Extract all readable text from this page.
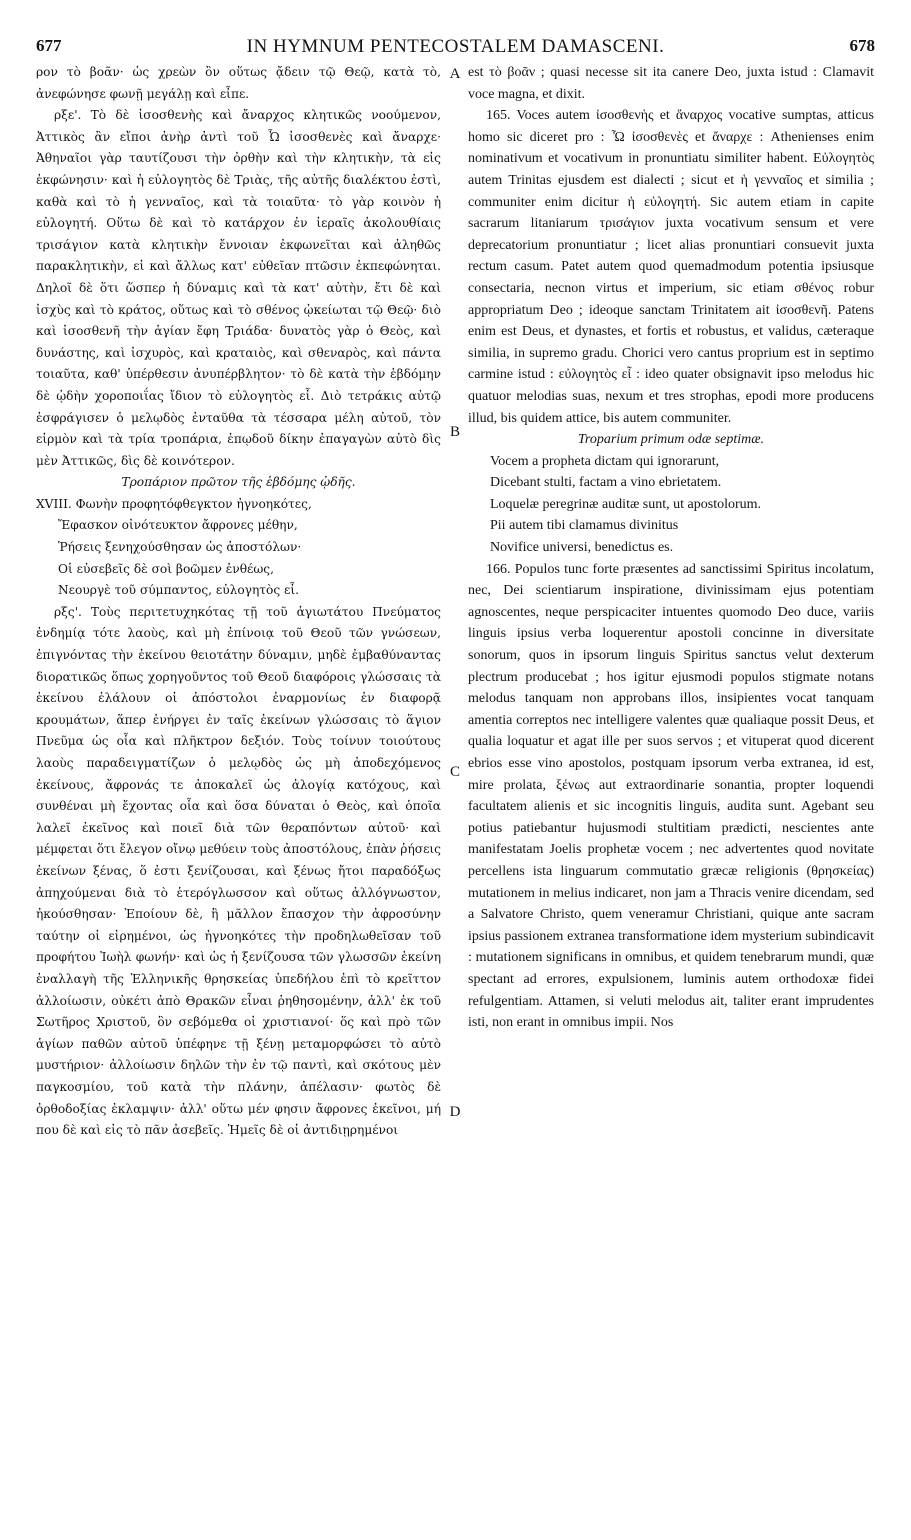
677	IN HYMNUM PENTECOSTALEM DAMASCENI.	678

ρον τὸ βοᾶν· ὡς χρεὼν ὂν οὕτως ᾄδειν τῷ Θεῷ, κατὰ τὸ, ἀνεφώνησε φωνῇ μεγάλῃ καὶ εἶπε.

ρξε'. Τὸ δὲ ἰσοσθενὴς καὶ ἄναρχος κλητικῶς νοούμενον, Ἀττικὸς ἂν εἴποι ἀνὴρ ἀντὶ τοῦ Ὦ ἰσοσθενὲς καὶ ἄναρχε· Ἀθηναῖοι γὰρ ταυτίζουσι τὴν ὀρθὴν καὶ τὴν κλητικὴν, τὰ εἰς ἐκφώνησιν· καὶ ἡ εὐλογητὸς δὲ Τριὰς, τῆς αὐτῆς διαλέκτου ἐστὶ, καθὰ καὶ τὸ ἡ γενναῖος, καὶ τὰ τοιαῦτα· τὸ γὰρ κοινὸν ἡ εὐλογητή. Οὕτω δὲ καὶ τὸ κατάρχον ἐν ἱεραῖς ἀκολουθίαις τρισάγιον κατὰ κλητικὴν ἔννοιαν ἐκφωνεῖται καὶ ἀληθῶς παρακλητικὴν, εἰ καὶ ἄλλως κατ' εὐθεῖαν πτῶσιν ἐκπεφώνηται. Δηλοῖ δὲ ὅτι ὥσπερ ἡ δύναμις καὶ τὰ κατ' αὐτὴν, ἔτι δὲ καὶ ἰσχὺς καὶ τὸ κράτος, οὕτως καὶ τὸ σθένος ᾠκείωται τῷ Θεῷ· διὸ καὶ ἰσοσθενῆ τὴν ἁγίαν ἔφη Τριάδα· δυνατὸς γὰρ ὁ Θεὸς, καὶ δυνάστης, καὶ ἰσχυρὸς, καὶ κραταιὸς, καὶ σθεναρὸς, καὶ πάντα τοιαῦτα, καθ' ὑπέρθεσιν ἀνυπέρβλητον· τὸ δὲ κατὰ τὴν ἑβδόμην δὲ ᾠδὴν χοροποιΐας ἴδιον τὸ εὐλογητὸς εἶ. Διὸ τετράκις αὐτῷ ἐσφράγισεν ὁ μελῳδὸς ἐνταῦθα τὰ τέσσαρα μέλη αὐτοῦ, τὸν εἱρμὸν καὶ τὰ τρία τροπάρια, ἐπῳδοῦ δίκην ἐπαγαγὼν αὐτὸ δὶς μὲν Ἀττικῶς, δὶς δὲ κοινότερον.

Τροπάριον πρῶτον τῆς ἑβδόμης ᾠδῆς.

XVIII. Φωνὴν προφητόφθεγκτον ἠγνοηκότες,

Ἔφασκον οἰνότευκτον ἄφρονες μέθην,

Ῥήσεις ξενηχούσθησαν ὡς ἀποστόλων·

Οἱ εὐσεβεῖς δὲ σοὶ βοῶμεν ἐνθέως,

Νεουργὲ τοῦ σύμπαντος, εὐλογητὸς εἶ.

ρξς'. Τοὺς περιτετυχηκότας τῇ τοῦ ἁγιωτάτου Πνεύματος ἐνδημίᾳ τότε λαοὺς, καὶ μὴ ἐπίνοιᾳ τοῦ Θεοῦ τῶν γνώσεων, ἐπιγνόντας τὴν ἐκείνου θειοτάτην δύναμιν, μηδὲ ἐμβαθύναντας διορατικῶς ὅπως χορηγοῦντος τοῦ Θεοῦ διαφόροις γλώσσαις τὰ ἐκείνου ἐλάλουν οἱ ἀπόστολοι ἐναρμονίως ἐν διαφορᾷ κρουμάτων, ἅπερ ἐνήργει ἐν ταῖς ἐκείνων γλώσσαις τὸ ἅγιον Πνεῦμα ὡς οἷα καὶ πλῆκτρον δεξιόν. Τοὺς τοίνυν τοιούτους λαοὺς παραδειγματίζων ὁ μελῳδὸς ὡς μὴ ἀποδεχόμενος ἐκείνους, ἄφρονάς τε ἀποκαλεῖ ὡς ἀλογίᾳ κατόχους, καὶ συνθέναι μὴ ἔχοντας οἷα καὶ ὅσα δύναται ὁ Θεὸς, καὶ ὁποῖα λαλεῖ ἐκεῖνος καὶ ποιεῖ διὰ τῶν θεραπόντων αὐτοῦ· καὶ μέμφεται ὅτι ἔλεγον οἴνῳ μεθύειν τοὺς ἀποστόλους, ἐπὰν ῥήσεις ἐκείνων ξένας, ὅ ἐστι ξενίζουσαι, καὶ ξένως ἤτοι παραδόξως ἀπηχούμεναι διὰ τὸ ἑτερόγλωσσον καὶ οὕτως ἀλλόγνωστον, ἠκούσθησαν· Ἐποίουν δὲ, ἢ μᾶλλον ἔπασχον τὴν ἀφροσύνην ταύτην οἱ εἰρημένοι, ὡς ἠγνοηκότες τὴν προδηλωθεῖσαν τοῦ προφήτου Ἰωὴλ φωνήν· καὶ ὡς ἡ ξενίζουσα τῶν γλωσσῶν ἐκείνη ἐναλλαγὴ τῆς Ἑλληνικῆς θρησκείας ὑπεδήλου ἐπὶ τὸ κρεῖττον ἀλλοίωσιν, οὐκέτι ἀπὸ Θρακῶν εἶναι ῥηθησομένην, ἀλλ' ἐκ τοῦ Σωτῆρος Χριστοῦ, ὃν σεβόμεθα οἱ χριστιανοί· ὅς καὶ πρὸ τῶν ἁγίων παθῶν αὐτοῦ ὑπέφηνε τῇ ξένῃ μεταμορφώσει τὸ αὐτὸ μυστήριον· ἀλλοίωσιν δηλῶν τὴν ἐν τῷ παντὶ, καὶ σκότους μὲν παγκοσμίου, τοῦ κατὰ τὴν πλάνην, ἀπέλασιν· φωτὸς δὲ ὀρθοδοξίας ἐκλαμψιν· ἀλλ' οὕτω μέν φησιν ἄφρονες ἐκεῖνοι, μή που δὲ καὶ εἰς τὸ πᾶν ἀσεβεῖς. Ἡμεῖς δὲ οἱ ἀντιδιῃρημένοι

A
B
C
D

est τὸ βοᾶν ; quasi necesse sit ita canere Deo, juxta istud : Clamavit voce magna, et dixit.

165. Voces autem ἰσοσθενὴς et ἄναρχος vocative sumptas, atticus homo sic diceret pro : Ὦ ἰσοσθενὲς et ἄναρχε : Athenienses enim nominativum et vocativum in pronuntiatu similiter habent. Εὐλογητὸς autem Trinitas ejusdem est dialecti ; sicut et ἡ γενναῖος et similia ; communiter enim dicitur ἡ εὐλογητή. Sic autem etiam in capite sacrarum litaniarum τρισάγιον juxta vocativum sensum et vere deprecatorium pronuntiatur ; licet alias pronuntiari consuevit juxta rectum casum. Patet autem quod quemadmodum potentia ipsiusque consectaria, necnon virtus et imperium, sic etiam σθένος robur appropriatum Deo ; ideoque sanctam Trinitatem ait ἰσοσθενῆ. Patens enim est Deus, et dynastes, et fortis et robustus, et validus, cæteraque similia, in supremo gradu. Chorici vero cantus proprium est in septimo carmine istud : εὐλογητὸς εἶ : ideo quater obsignavit ipso melodus hic quatuor melodias suas, nexum et tres strophas, epodi more producens illud, bis quidem attice, bis autem communiter.

Troparium primum odæ septimæ.

Vocem a propheta dictam qui ignorarunt,

Dicebant stulti, factam a vino ebrietatem.

Loquelæ peregrinæ auditæ sunt, ut apostolorum.

Pii autem tibi clamamus divinitus

Novifice universi, benedictus es.

166. Populos tunc forte præsentes ad sanctissimi Spiritus incolatum, nec, Dei scientiarum inspiratione, divinissimam ejus potentiam agnoscentes, neque perspicaciter intuentes quomodo Deo duce, variis linguis ipsius verba loquerentur apostoli concinne in diversitate sonorum, quos in ipsorum linguis Spiritus sanctus velut dexterum plectrum producebat ; hos igitur ejusmodi populos stigmate notans melodus tanquam non approbans illos, insipientes vocat tanquam amentia correptos nec intelligere valentes quæ qualiaque possit Deus, et qualia loquatur et agat ille per suos servos ; et vituperat quod dicerent ebrios esse vino apostolos, postquam ipsorum verba extranea, id est, mire prolata, ξένως aut extraordinarie sonantia, propter loquendi facultatem alienis et sic incognitis linguis, audita sunt. Agebant seu potius patiebantur hujusmodi stultitiam prædicti, nescientes ante manifestatam Joelis prophetæ vocem ; nec advertentes quod novitate percellens ista linguarum commutatio græcæ religionis (θρησκείας) mutationem in melius indicaret, non jam a Thracis venire dicendam, sed a Salvatore Christo, quem veneramur Christiani, quique ante sacram ipsius passionem extranea transformatione idem mysterium subindicavit : mutationem significans in omnibus, et quidem tenebrarum mundi, quæ spectant ad errores, expulsionem, luminis autem orthodoxæ fidei refulgentiam. Attamen, si veluti melodus ait, taliter erant imprudentes isti, non erant in omnibus impii. Nos
